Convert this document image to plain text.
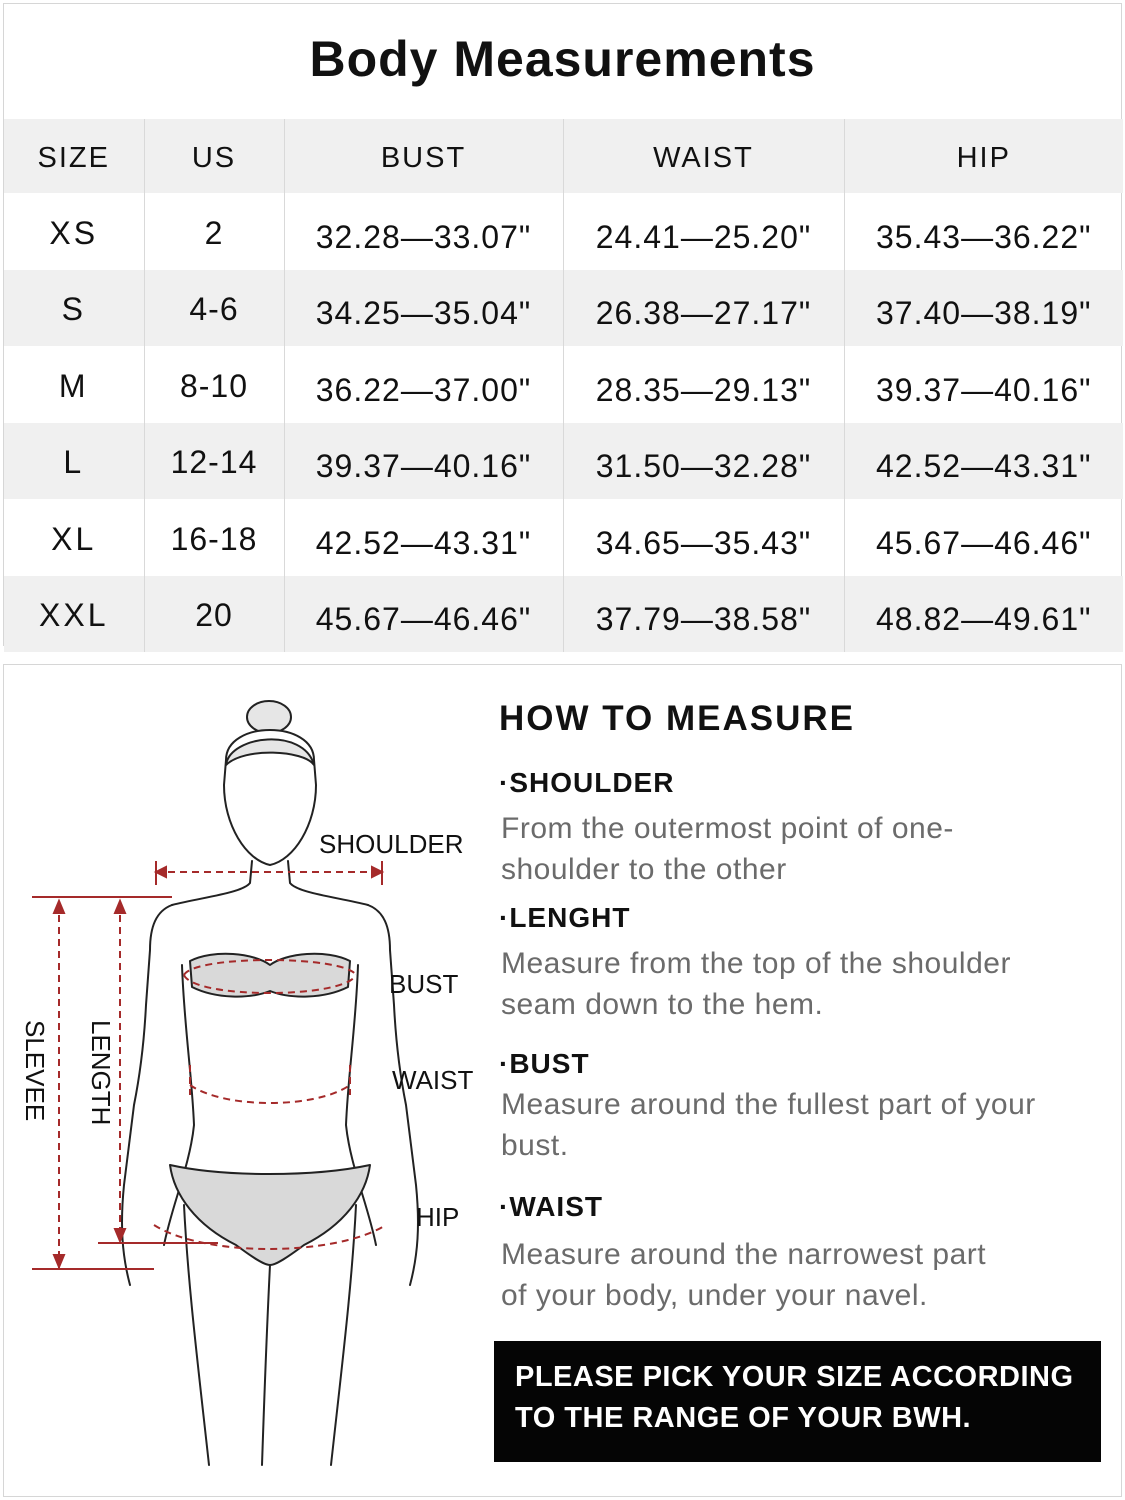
Body Measurements
SIZE	US	BUST	WAIST	HIP
XS	2	32.28—33.07"	24.41—25.20"	35.43—36.22"
S	4-6	34.25—35.04"	26.38—27.17"	37.40—38.19"
M	8-10	36.22—37.00"	28.35—29.13"	39.37—40.16"
L	12-14	39.37—40.16"	31.50—32.28"	42.52—43.31"
XL	16-18	42.52—43.31"	34.65—35.43"	45.67—46.46"
XXL	20	45.67—46.46"	37.79—38.58"	48.82—49.61"
SHOULDER
BUST
WAIST
HIP
LENGTH
SLEVEE
HOW TO MEASURE
·SHOULDER
From the outermost point of one-
shoulder to the other
·LENGHT
Measure from the top of the shoulder
seam down to the hem.
·BUST
Measure around the fullest part of your
bust.
·WAIST
Measure around the narrowest part
of your body, under your navel.
PLEASE PICK YOUR SIZE ACCORDING
TO THE RANGE OF YOUR BWH.
